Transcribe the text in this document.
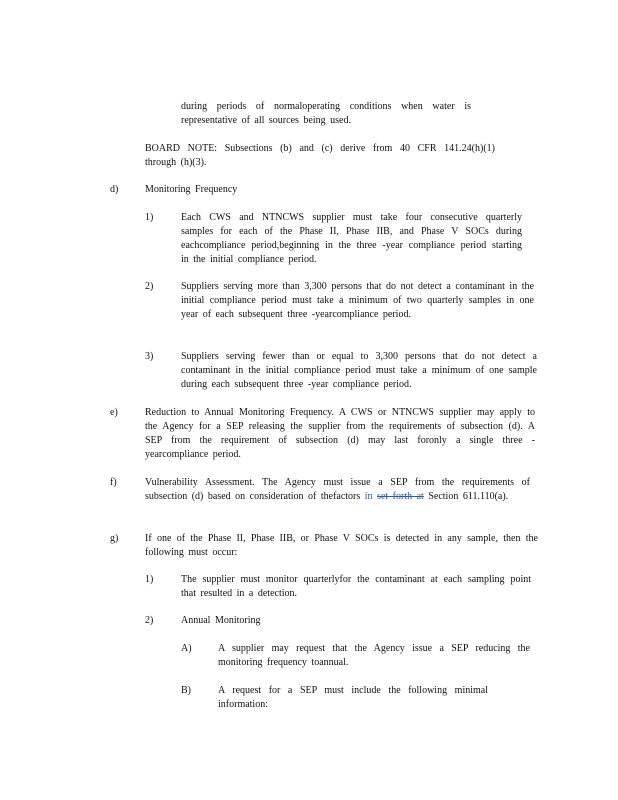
during periods of normaloperating conditions when water is representative of all sources being used.
BOARD NOTE: Subsections (b) and (c) derive from 40 CFR 141.24(h)(1) through (h)(3).
d)	Monitoring Frequency
1)	Each CWS and NTNCWS supplier must take four consecutive quarterly samples for each of the Phase II, Phase IIB, and Phase V SOCs during eachcompliance period,beginning in the three -year compliance period starting in the initial compliance period.
2)	Suppliers serving more than 3,300 persons that do not detect a contaminant in the initial compliance period must take a minimum of two quarterly samples in one year of each subsequent three -yearcompliance period.
3)	Suppliers serving fewer than or equal to 3,300 persons that do not detect a contaminant in the initial compliance period must take a minimum of one sample during each subsequent three -year compliance period.
e)	Reduction to Annual Monitoring Frequency. A CWS or NTNCWS supplier may apply to the Agency for a SEP releasing the supplier from the requirements of subsection (d). A SEP from the requirement of subsection (d) may last foronly a single three -yearcompliance period.
f)	Vulnerability Assessment. The Agency must issue a SEP from the requirements of subsection (d) based on consideration of thefactors in set forth at Section 611.110(a).
g)	If one of the Phase II, Phase IIB, or Phase V SOCs is detected in any sample, then the following must occur:
1)	The supplier must monitor quarterlyfor the contaminant at each sampling point that resulted in a detection.
2)	Annual Monitoring
A)	A supplier may request that the Agency issue a SEP reducing the monitoring frequency toannual.
B)	A request for a SEP must include the following minimal information:
